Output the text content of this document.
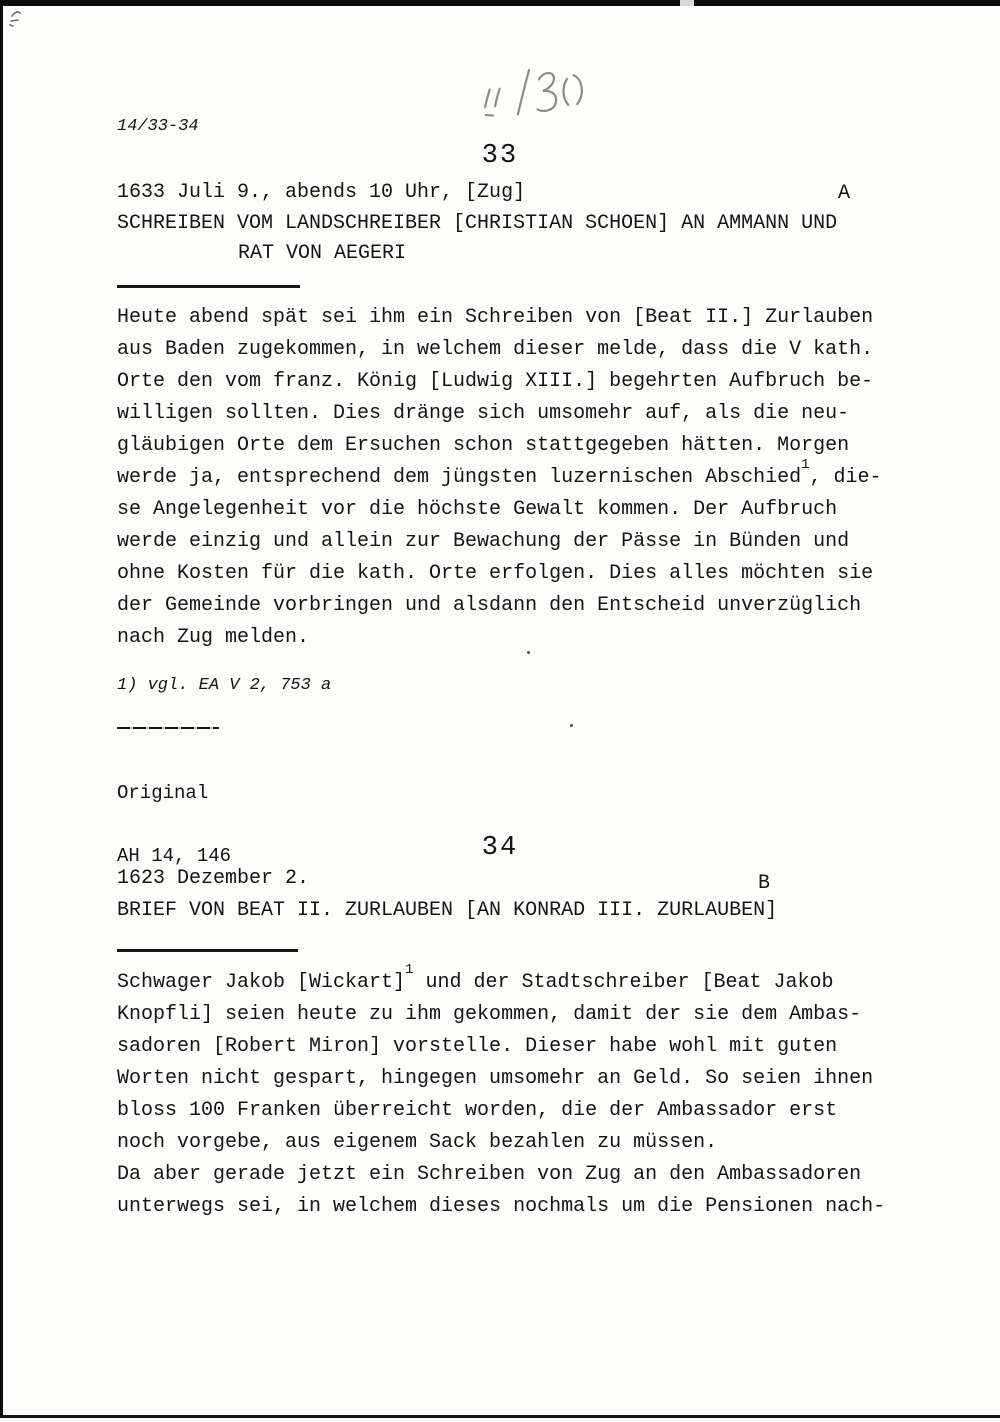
14/33-34
33
1633 Juli 9., abends 10 Uhr, [Zug]	A
SCHREIBEN VOM LANDSCHREIBER [CHRISTIAN SCHOEN] AN AMMANN UND
RAT VON AEGERI
Heute abend spät sei ihm ein Schreiben von [Beat II.] Zurlauben
aus Baden zugekommen, in welchem dieser melde, dass die V kath.
Orte den vom franz. König [Ludwig XIII.] begehrten Aufbruch be-
willigen sollten. Dies dränge sich umsomehr auf, als die neu-
gläubigen Orte dem Ersuchen schon stattgegeben hätten. Morgen
werde ja, entsprechend dem jüngsten luzernischen Abschied$^1$, die-
se Angelegenheit vor die höchste Gewalt kommen. Der Aufbruch
werde einzig und allein zur Bewachung der Pässe in Bünden und
ohne Kosten für die kath. Orte erfolgen. Dies alles möchten sie
der Gemeinde vorbringen und alsdann den Entscheid unverzüglich
nach Zug melden.
1) vgl. EA V 2, 753 a

Original

AH 14, 146

	34
1623 Dezember 2.	B
BRIEF VON BEAT II. ZURLAUBEN [AN KONRAD III. ZURLAUBEN]
Schwager Jakob [Wickart]$^1$ und der Stadtschreiber [Beat Jakob
Knopfli] seien heute zu ihm gekommen, damit der sie dem Ambas-
sadoren [Robert Miron] vorstelle. Dieser habe wohl mit guten
Worten nicht gespart, hingegen umsomehr an Geld. So seien ihnen
bloss 100 Franken überreicht worden, die der Ambassador erst
noch vorgebe, aus eigenem Sack bezahlen zu müssen.
Da aber gerade jetzt ein Schreiben von Zug an den Ambassadoren
unterwegs sei, in welchem dieses nochmals um die Pensionen nach-
